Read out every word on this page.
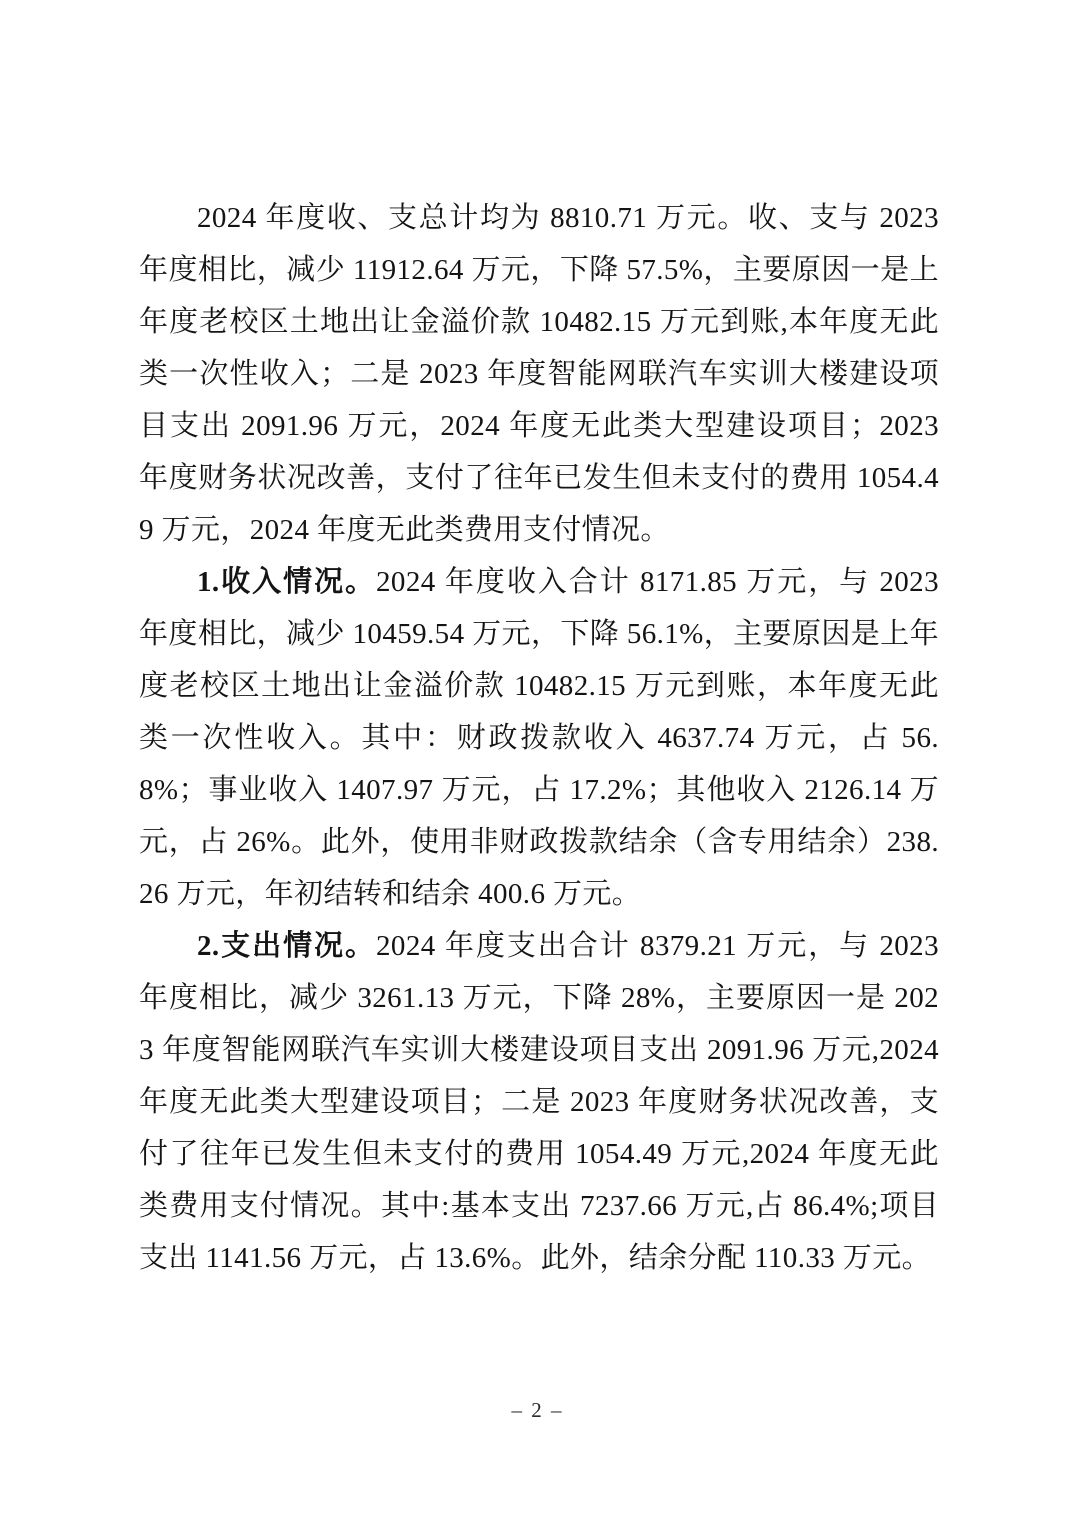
2024 年度收、支总计均为 8810.71 万元。收、支与 2023 年度相比，减少 11912.64 万元，下降 57.5%，主要原因一是上年度老校区土地出让金溢价款 10482.15 万元到账,本年度无此类一次性收入；二是 2023 年度智能网联汽车实训大楼建设项目支出 2091.96 万元，2024 年度无此类大型建设项目；2023 年度财务状况改善，支付了往年已发生但未支付的费用 1054.49 万元，2024 年度无此类费用支付情况。

1.收入情况。2024 年度收入合计 8171.85 万元，与 2023 年度相比，减少 10459.54 万元，下降 56.1%，主要原因是上年度老校区土地出让金溢价款 10482.15 万元到账，本年度无此类一次性收入。其中：财政拨款收入 4637.74 万元，占 56.8%；事业收入 1407.97 万元，占 17.2%；其他收入 2126.14 万元，占 26%。此外，使用非财政拨款结余（含专用结余）238.26 万元，年初结转和结余 400.6 万元。

2.支出情况。2024 年度支出合计 8379.21 万元，与 2023 年度相比，减少 3261.13 万元，下降 28%，主要原因一是 2023 年度智能网联汽车实训大楼建设项目支出 2091.96 万元,2024 年度无此类大型建设项目；二是 2023 年度财务状况改善，支付了往年已发生但未支付的费用 1054.49 万元,2024 年度无此类费用支付情况。其中:基本支出 7237.66 万元,占 86.4%;项目支出 1141.56 万元，占 13.6%。此外，结余分配 110.33 万元。

– 2 –
